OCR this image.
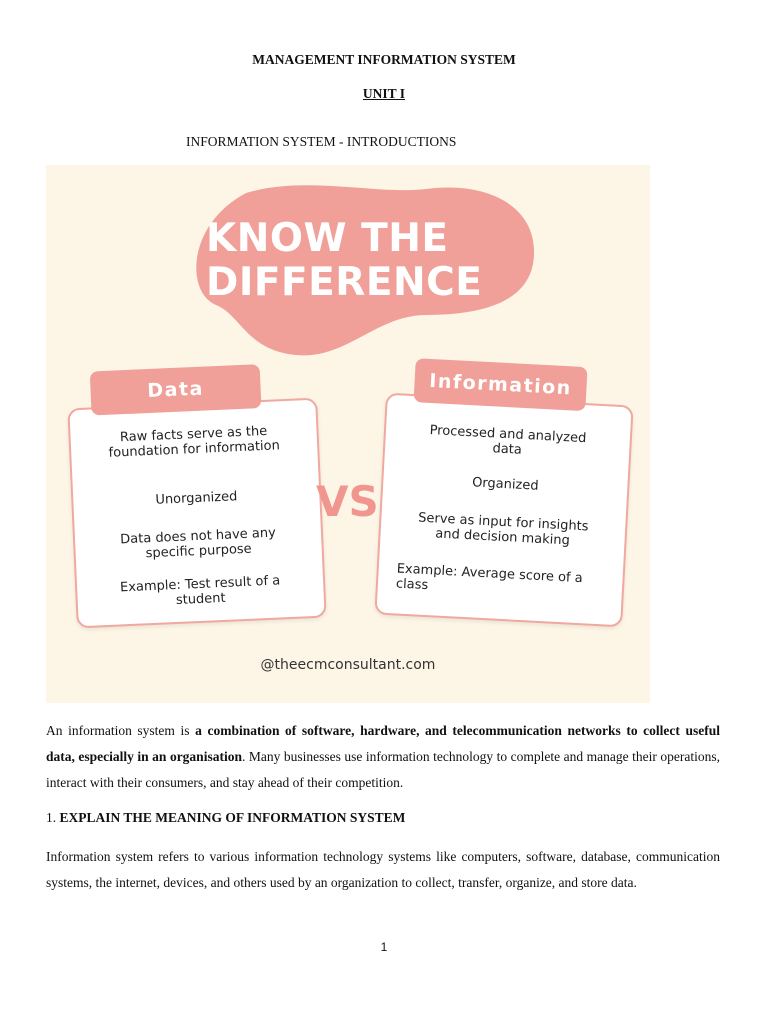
MANAGEMENT INFORMATION SYSTEM
UNIT I
INFORMATION SYSTEM - INTRODUCTIONS
KNOW THE
DIFFERENCE
Data
Raw facts serve as the foundation for information
Unorganized
Data does not have any specific purpose
Example: Test result of a student
VS
Information
Processed and analyzed data
Organized
Serve as input for insights and decision making
Example: Average score of a class
@theecmconsultant.com
An information system is a combination of software, hardware, and telecommunication networks to collect useful data, especially in an organisation. Many businesses use information technology to complete and manage their operations, interact with their consumers, and stay ahead of their competition.
1. EXPLAIN THE MEANING OF INFORMATION SYSTEM
Information system refers to various information technology systems like computers, software, database, communication systems, the internet, devices, and others used by an organization to collect, transfer, organize, and store data.
1
